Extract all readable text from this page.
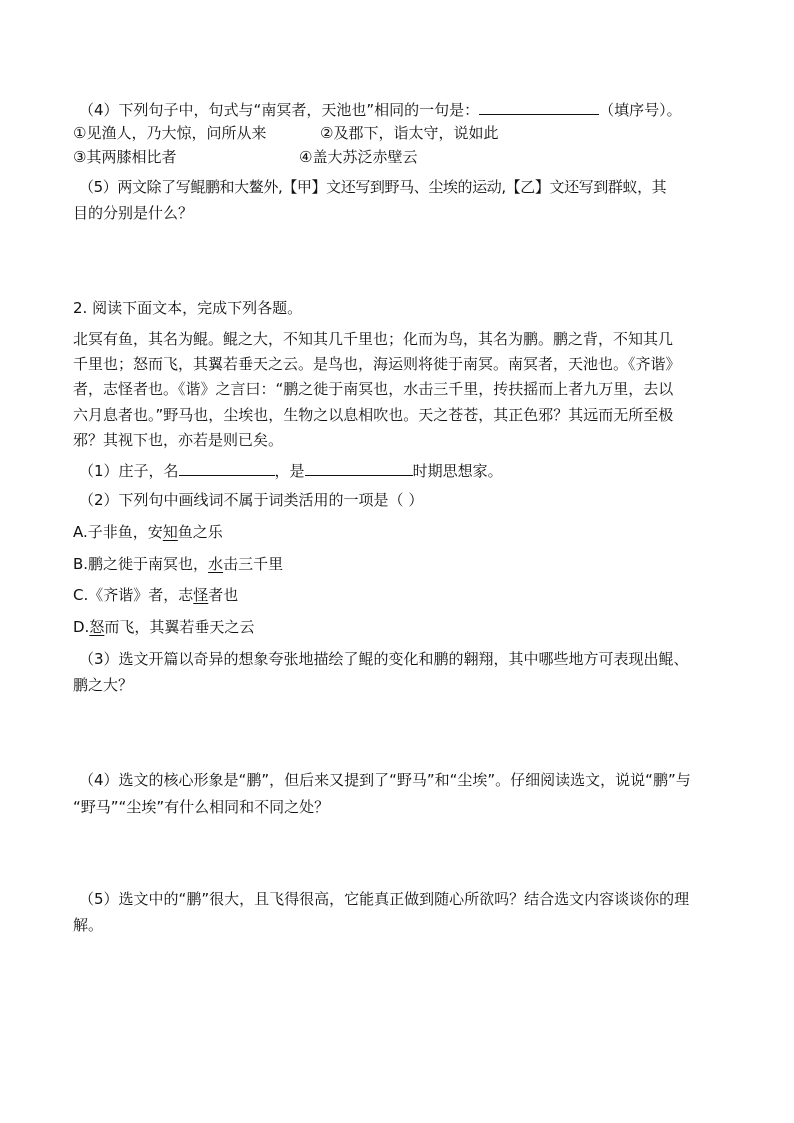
（4）下列句子中，句式与“南冥者，天池也”相同的一句是：	（填序号）。

①见渔人，乃大惊，问所从来	②及郡下，诣太守，说如此

③其两膝相比者	④盖大苏泛赤壁云

（5）两文除了写鲲鹏和大鳌外,【甲】文还写到野马、尘埃的运动,【乙】文还写到群蚁，其

目的分别是什么？

2. 阅读下面文本，完成下列各题。

北冥有鱼，其名为鲲。鲲之大，不知其几千里也；化而为鸟，其名为鹏。鹏之背，不知其几

千里也；怒而飞，其翼若垂天之云。是鸟也，海运则将徙于南冥。南冥者，天池也。《齐谐》

者，志怪者也。《谐》之言曰：“鹏之徙于南冥也，水击三千里，抟扶摇而上者九万里，去以

六月息者也。”野马也，尘埃也，生物之以息相吹也。天之苍苍，其正色邪？其远而无所至极

邪？其视下也，亦若是则已矣。

（1）庄子，名	，是	时期思想家。

（2）下列句中画线词不属于词类活用的一项是（ ）

A.子非鱼，安知鱼之乐

B.鹏之徙于南冥也，水击三千里

C.《齐谐》者，志怪者也

D.怒而飞，其翼若垂天之云

（3）选文开篇以奇异的想象夸张地描绘了鲲的变化和鹏的翱翔，其中哪些地方可表现出鲲、

鹏之大？

（4）选文的核心形象是“鹏”，但后来又提到了“野马”和“尘埃”。仔细阅读选文，说说“鹏”与

“野马”“尘埃”有什么相同和不同之处？

（5）选文中的“鹏”很大，且飞得很高，它能真正做到随心所欲吗？结合选文内容谈谈你的理

解。
